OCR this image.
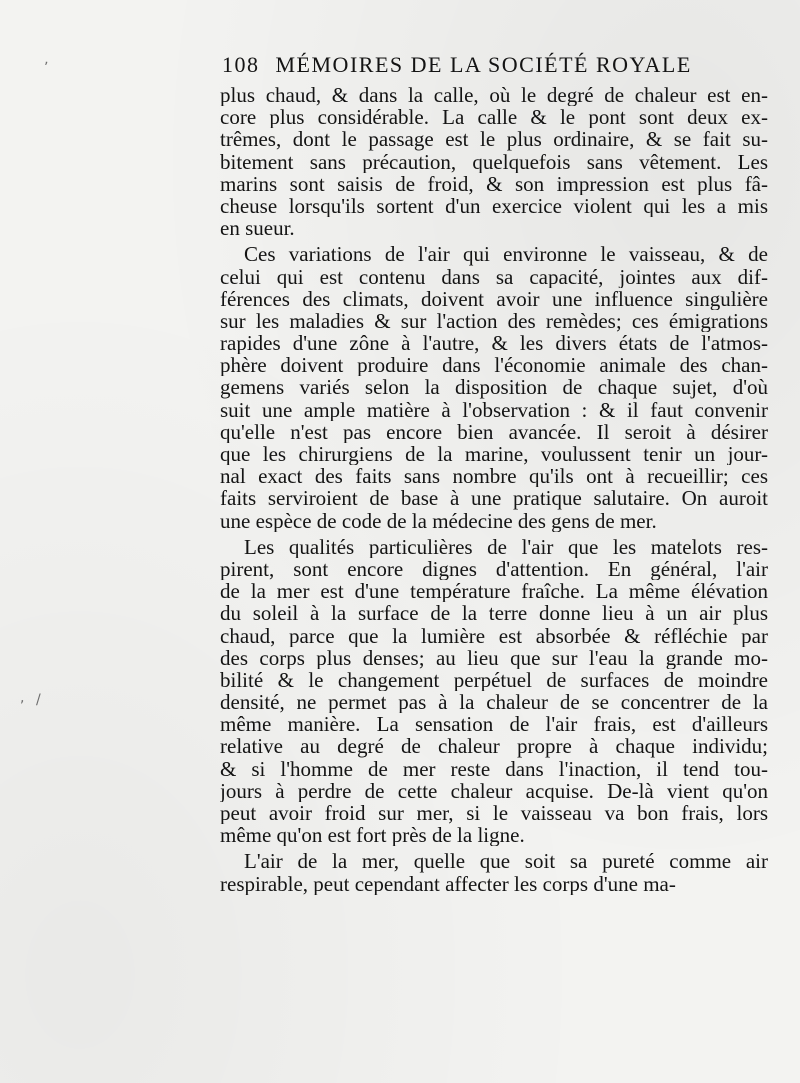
108 MÉMOIRES DE LA SOCIÉTÉ ROYALE
plus chaud, & dans la calle, où le degré de chaleur est en-
core plus considérable. La calle & le pont sont deux ex-
trêmes, dont le passage est le plus ordinaire, & se fait su-
bitement sans précaution, quelquefois sans vêtement. Les
marins sont saisis de froid, & son impression est plus fâ-
cheuse lorsqu'ils sortent d'un exercice violent qui les a mis
en sueur.
Ces variations de l'air qui environne le vaisseau, & de
celui qui est contenu dans sa capacité, jointes aux dif-
férences des climats, doivent avoir une influence singulière
sur les maladies & sur l'action des remèdes; ces émigrations
rapides d'une zône à l'autre, & les divers états de l'atmos-
phère doivent produire dans l'économie animale des chan-
gemens variés selon la disposition de chaque sujet, d'où
suit une ample matière à l'observation : & il faut convenir
qu'elle n'est pas encore bien avancée. Il seroit à désirer
que les chirurgiens de la marine, voulussent tenir un jour-
nal exact des faits sans nombre qu'ils ont à recueillir; ces
faits serviroient de base à une pratique salutaire. On auroit
une espèce de code de la médecine des gens de mer.
Les qualités particulières de l'air que les matelots res-
pirent, sont encore dignes d'attention. En général, l'air
de la mer est d'une température fraîche. La même élévation
du soleil à la surface de la terre donne lieu à un air plus
chaud, parce que la lumière est absorbée & réfléchie par
des corps plus denses; au lieu que sur l'eau la grande mo-
bilité & le changement perpétuel de surfaces de moindre
densité, ne permet pas à la chaleur de se concentrer de la
même manière. La sensation de l'air frais, est d'ailleurs
relative au degré de chaleur propre à chaque individu;
& si l'homme de mer reste dans l'inaction, il tend tou-
jours à perdre de cette chaleur acquise. De-là vient qu'on
peut avoir froid sur mer, si le vaisseau va bon frais, lors
même qu'on est fort près de la ligne.
L'air de la mer, quelle que soit sa pureté comme air
respirable, peut cependant affecter les corps d'une ma-
ʼ
, /
